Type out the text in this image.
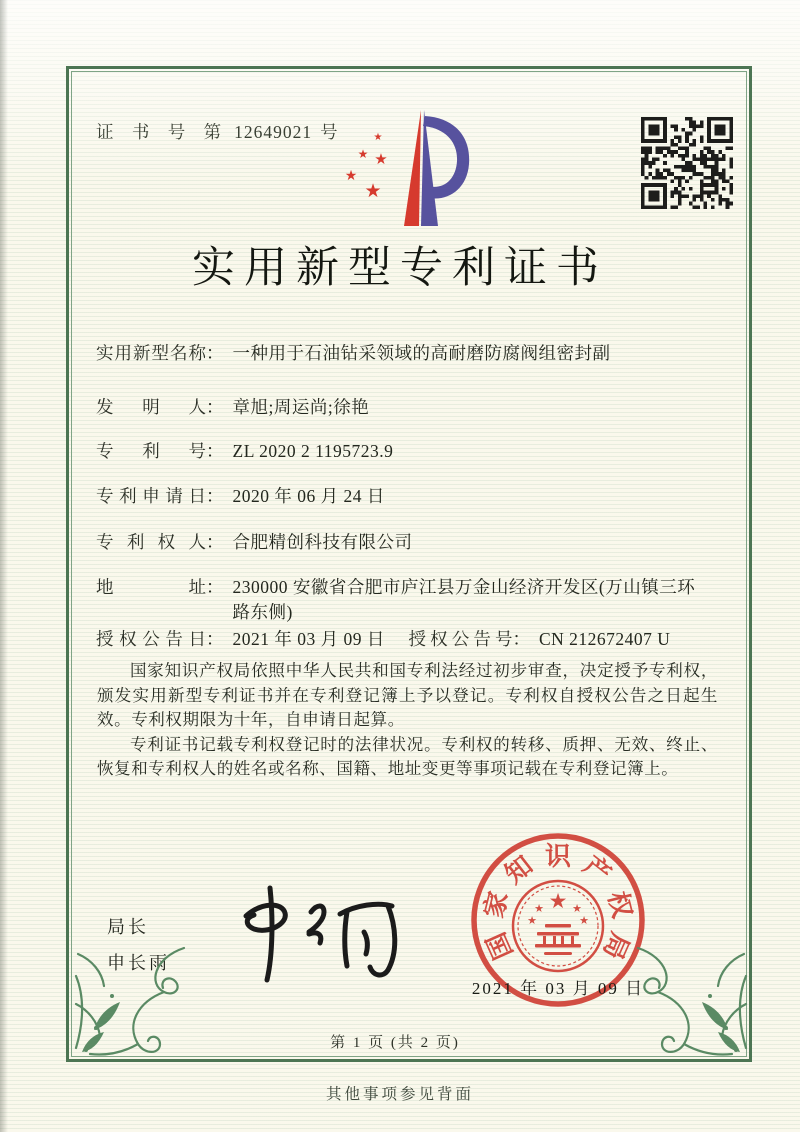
证 书 号 第 12649021 号	★
★ ★
★
★
实用新型专利证书
实用新型名称 ： 一种用于石油钻采领域的高耐磨防腐阀组密封副
发明人 ： 章旭;周运尚;徐艳
专利号 ： ZL 2020 2 1195723.9
专利申请日 ： 2020 年 06 月 24 日
专利权人 ： 合肥精创科技有限公司
地址 ： 230000 安徽省合肥市庐江县万金山经济开发区(万山镇三环路东侧)
授权公告日 ： 2021 年 03 月 09 日	授权公告号 ： CN 212672407 U

国家知识产权局依照中华人民共和国专利法经过初步审查，决定授予专利权，颁发实用新型专利证书并在专利登记簿上予以登记。专利权自授权公告之日起生效。专利权期限为十年，自申请日起算。

专利证书记载专利权登记时的法律状况。专利权的转移、质押、无效、终止、恢复和专利权人的姓名或名称、国籍、地址变更等事项记载在专利登记簿上。

局长
申长雨	国
家
知 识 产
权
局
★
★	★
★	★
2021 年 03 月 09 日
第 1 页 (共 2 页)
其他事项参见背面
